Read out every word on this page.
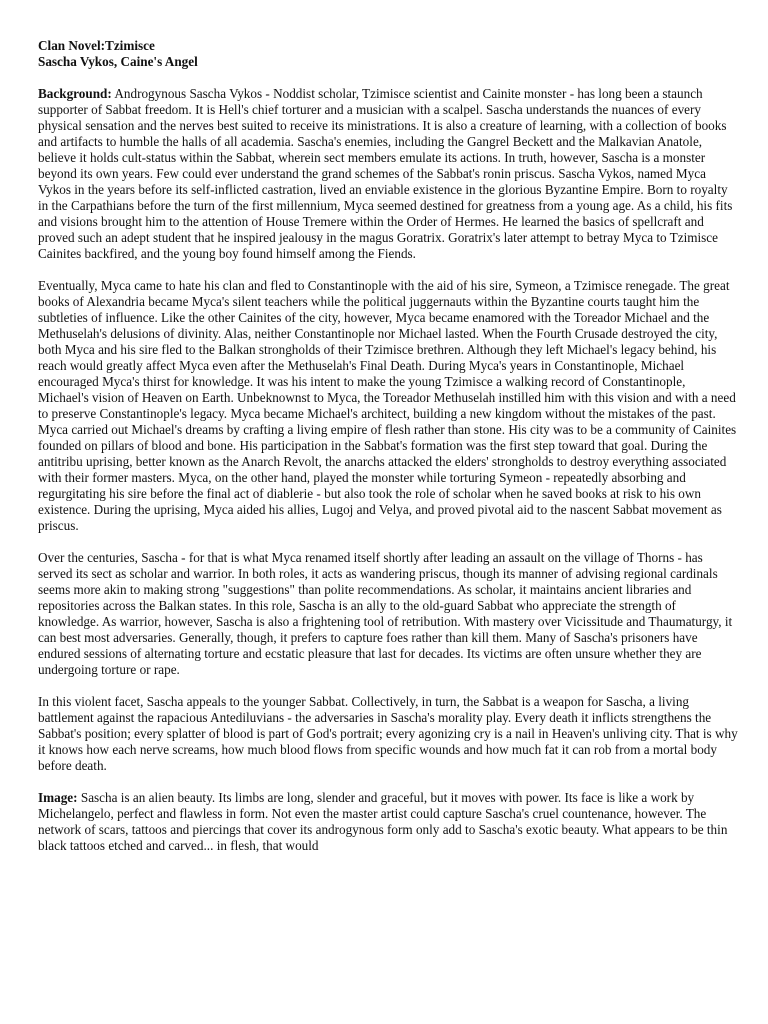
Clan Novel:Tzimisce
Sascha Vykos, Caine's Angel

Background: Androgynous Sascha Vykos - Noddist scholar, Tzimisce scientist and Cainite monster - has long been a staunch supporter of Sabbat freedom. It is Hell's chief torturer and a musician with a scalpel. Sascha understands the nuances of every physical sensation and the nerves best suited to receive its ministrations. It is also a creature of learning, with a collection of books and artifacts to humble the halls of all academia. Sascha's enemies, including the Gangrel Beckett and the Malkavian Anatole, believe it holds cult-status within the Sabbat, wherein sect members emulate its actions. In truth, however, Sascha is a monster beyond its own years. Few could ever understand the grand schemes of the Sabbat's ronin priscus. Sascha Vykos, named Myca Vykos in the years before its self-inflicted castration, lived an enviable existence in the glorious Byzantine Empire. Born to royalty in the Carpathians before the turn of the first millennium, Myca seemed destined for greatness from a young age. As a child, his fits and visions brought him to the attention of House Tremere within the Order of Hermes. He learned the basics of spellcraft and proved such an adept student that he inspired jealousy in the magus Goratrix. Goratrix's later attempt to betray Myca to Tzimisce Cainites backfired, and the young boy found himself among the Fiends.

Eventually, Myca came to hate his clan and fled to Constantinople with the aid of his sire, Symeon, a Tzimisce renegade. The great books of Alexandria became Myca's silent teachers while the political juggernauts within the Byzantine courts taught him the subtleties of influence. Like the other Cainites of the city, however, Myca became enamored with the Toreador Michael and the Methuselah's delusions of divinity. Alas, neither Constantinople nor Michael lasted. When the Fourth Crusade destroyed the city, both Myca and his sire fled to the Balkan strongholds of their Tzimisce brethren. Although they left Michael's legacy behind, his reach would greatly affect Myca even after the Methuselah's Final Death. During Myca's years in Constantinople, Michael encouraged Myca's thirst for knowledge. It was his intent to make the young Tzimisce a walking record of Constantinople, Michael's vision of Heaven on Earth. Unbeknownst to Myca, the Toreador Methuselah instilled him with this vision and with a need to preserve Constantinople's legacy. Myca became Michael's architect, building a new kingdom without the mistakes of the past. Myca carried out Michael's dreams by crafting a living empire of flesh rather than stone. His city was to be a community of Cainites founded on pillars of blood and bone. His participation in the Sabbat's formation was the first step toward that goal. During the antitribu uprising, better known as the Anarch Revolt, the anarchs attacked the elders' strongholds to destroy everything associated with their former masters. Myca, on the other hand, played the monster while torturing Symeon - repeatedly absorbing and regurgitating his sire before the final act of diablerie - but also took the role of scholar when he saved books at risk to his own existence. During the uprising, Myca aided his allies, Lugoj and Velya, and proved pivotal aid to the nascent Sabbat movement as priscus.

Over the centuries, Sascha - for that is what Myca renamed itself shortly after leading an assault on the village of Thorns - has served its sect as scholar and warrior. In both roles, it acts as wandering priscus, though its manner of advising regional cardinals seems more akin to making strong "suggestions" than polite recommendations. As scholar, it maintains ancient libraries and repositories across the Balkan states. In this role, Sascha is an ally to the old-guard Sabbat who appreciate the strength of knowledge. As warrior, however, Sascha is also a frightening tool of retribution. With mastery over Vicissitude and Thaumaturgy, it can best most adversaries. Generally, though, it prefers to capture foes rather than kill them. Many of Sascha's prisoners have endured sessions of alternating torture and ecstatic pleasure that last for decades. Its victims are often unsure whether they are undergoing torture or rape.

In this violent facet, Sascha appeals to the younger Sabbat. Collectively, in turn, the Sabbat is a weapon for Sascha, a living battlement against the rapacious Antediluvians - the adversaries in Sascha's morality play. Every death it inflicts strengthens the Sabbat's position; every splatter of blood is part of God's portrait; every agonizing cry is a nail in Heaven's unliving city. That is why it knows how each nerve screams, how much blood flows from specific wounds and how much fat it can rob from a mortal body before death.

Image: Sascha is an alien beauty. Its limbs are long, slender and graceful, but it moves with power. Its face is like a work by Michelangelo, perfect and flawless in form. Not even the master artist could capture Sascha's cruel countenance, however. The network of scars, tattoos and piercings that cover its androgynous form only add to Sascha's exotic beauty. What appears to be thin black tattoos etched and carved... in flesh, that would
